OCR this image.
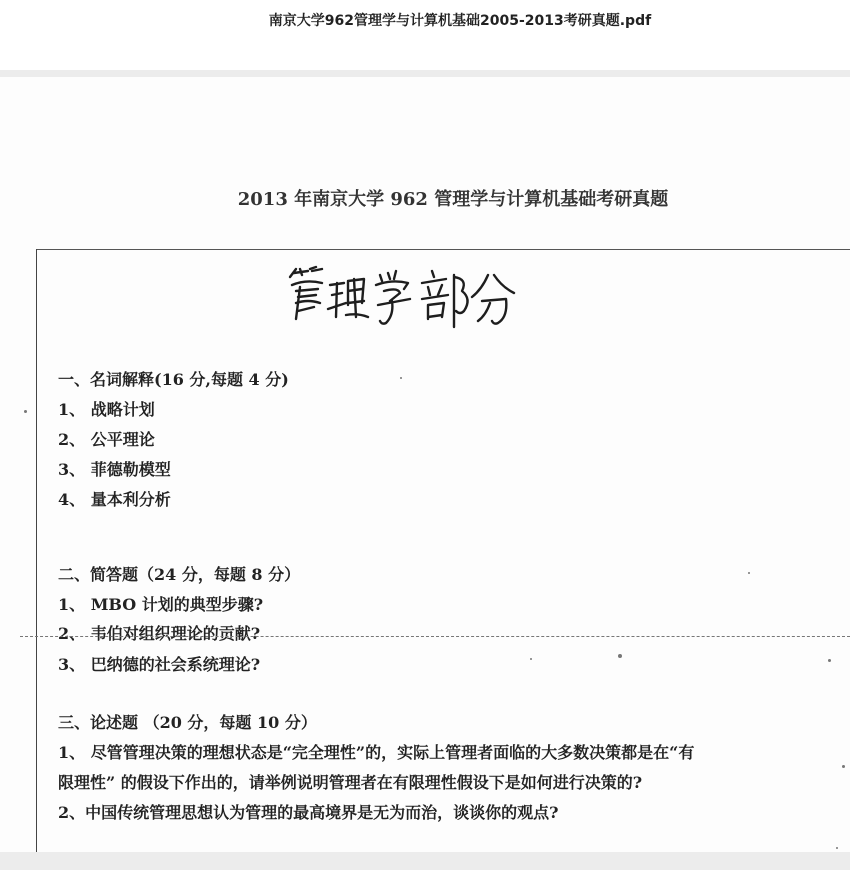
南京大学962管理学与计算机基础2005-2013考研真题.pdf
2013 年南京大学 962 管理学与计算机基础考研真题
一、名词解释(16 分,每题 4 分)
1、 战略计划
2、 公平理论
3、 菲德勒模型
4、 量本利分析
二、简答题（24 分，每题 8 分）
1、 MBO 计划的典型步骤?
2、 韦伯对组织理论的贡献?
3、 巴纳德的社会系统理论?
三、论述题 （20 分，每题 10 分）
1、 尽管管理决策的理想状态是“完全理性”的，实际上管理者面临的大多数决策都是在“有
限理性” 的假设下作出的，请举例说明管理者在有限理性假设下是如何进行决策的?
2、中国传统管理思想认为管理的最高境界是无为而治，谈谈你的观点?
